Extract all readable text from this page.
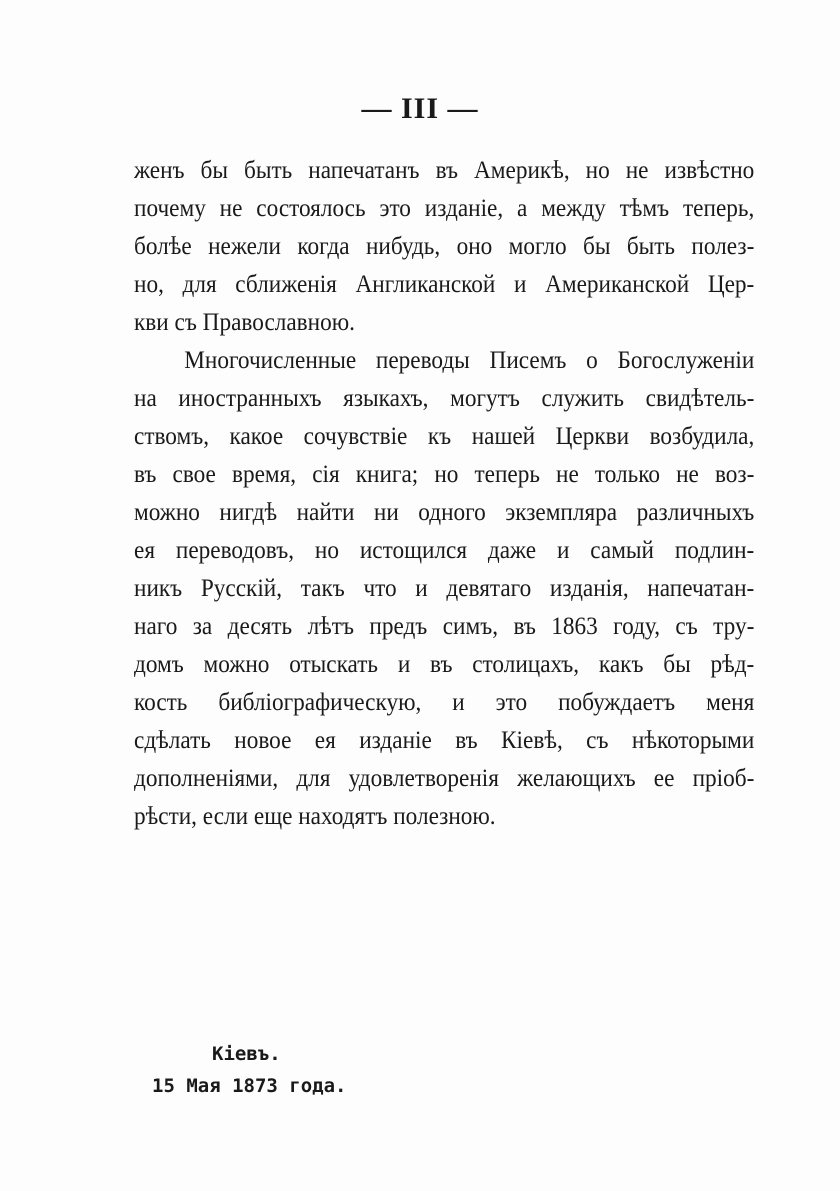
— III —
женъ бы быть напечатанъ въ Америкѣ, но не извѣстно
почему не состоялось это изданіе, а между тѣмъ теперь,
болѣе нежели когда нибудь, оно могло бы быть полез-
но, для сближенія Англиканской и Американской Цер-
кви съ Православною.
Многочисленные переводы Писемъ о Богослуженіи
на иностранныхъ языкахъ, могутъ служить свидѣтель-
ствомъ, какое сочувствіе къ нашей Церкви возбудила,
въ свое время, сія книга; но теперь не только не воз-
можно нигдѣ найти ни одного экземпляра различныхъ
ея переводовъ, но истощился даже и самый подлин-
никъ Русскій, такъ что и девятаго изданія, напечатан-
наго за десять лѣтъ предъ симъ, въ 1863 году, съ тру-
домъ можно отыскать и въ столицахъ, какъ бы рѣд-
кость библіографическую, и это побуждаетъ меня
сдѣлать новое ея изданіе въ Кіевѣ, съ нѣкоторыми
дополненіями, для удовлетворенія желающихъ ее пріоб-
рѣсти, если еще находятъ полезною.
Кіевъ.
15 Мая 1873 года.
